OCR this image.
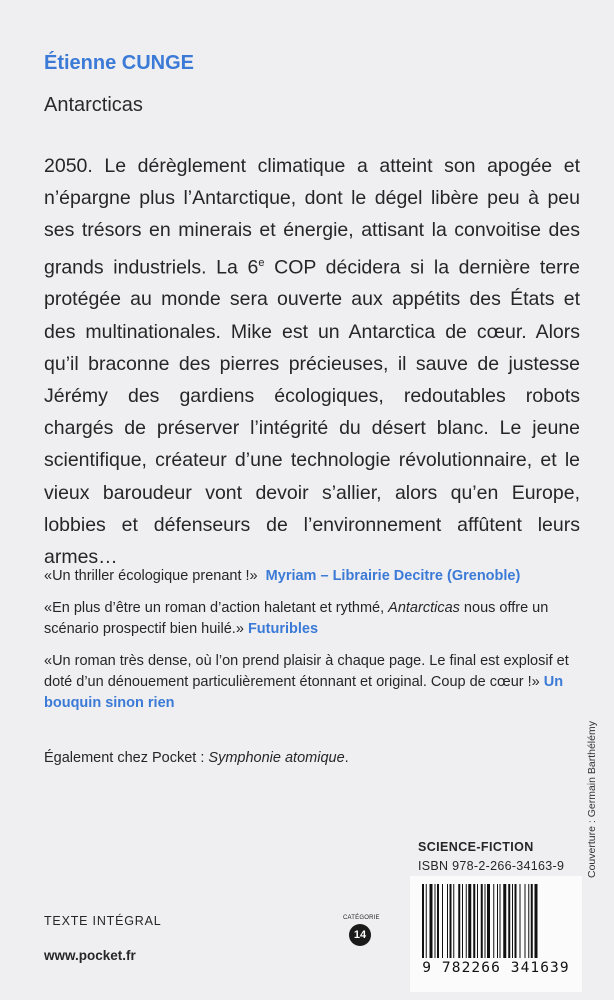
Étienne CUNGE
Antarcticas

2050. Le dérèglement climatique a atteint son apogée et n’épargne plus l’Antarctique, dont le dégel libère peu à peu ses trésors en minerais et énergie, attisant la convoitise des grands industriels. La 6e COP décidera si la dernière terre protégée au monde sera ouverte aux appétits des États et des multinationales. Mike est un Antarctica de cœur. Alors qu’il braconne des pierres précieuses, il sauve de justesse Jérémy des gardiens écologiques, redoutables robots chargés de préserver l’intégrité du désert blanc. Le jeune scientifique, créateur d’une technologie révolutionnaire, et le vieux baroudeur vont devoir s’allier, alors qu’en Europe, lobbies et défenseurs de l’environnement affûtent leurs armes…

«Un thriller écologique prenant !» Myriam – Librairie Decitre (Grenoble)

«En plus d’être un roman d’action haletant et rythmé, Antarcticas nous offre un scénario prospectif bien huilé.» Futuribles

«Un roman très dense, où l’on prend plaisir à chaque page. Le final est explosif et doté d’un dénouement particulièrement étonnant et original. Coup de cœur !» Un bouquin sinon rien

Également chez Pocket : Symphonie atomique.
SCIENCE-FICTION
ISBN 978-2-266-34163-9
9 782266 341639
TEXTE INTÉGRAL
www.pocket.fr
CATÉGORIE
14
Couverture : Germain Barthélémy
